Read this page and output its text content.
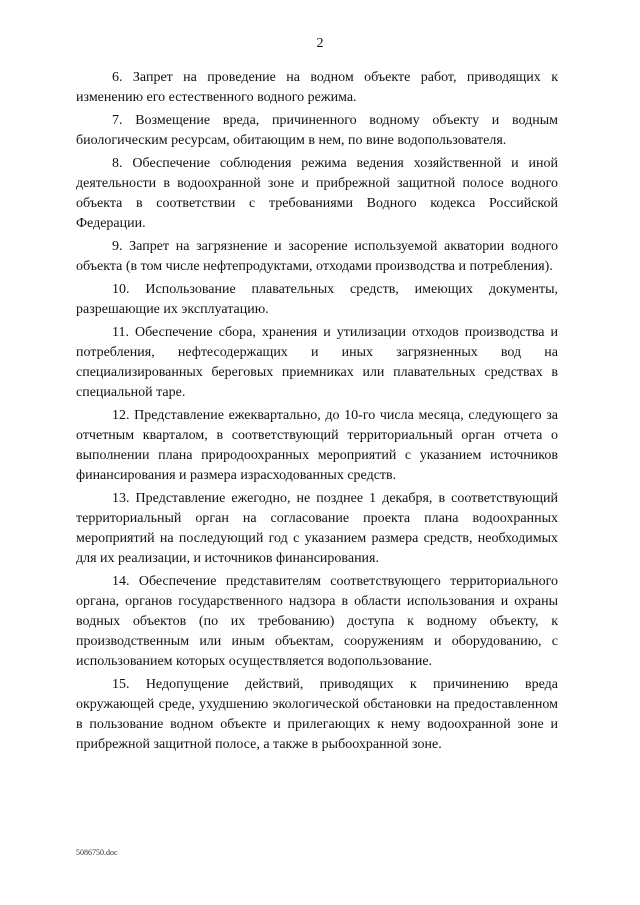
2

6. Запрет на проведение на водном объекте работ, приводящих к изменению его естественного водного режима.

7. Возмещение вреда, причиненного водному объекту и водным биологическим ресурсам, обитающим в нем, по вине водопользователя.

8. Обеспечение соблюдения режима ведения хозяйственной и иной деятельности в водоохранной зоне и прибрежной защитной полосе водного объекта в соответствии с требованиями Водного кодекса Российской Федерации.

9. Запрет на загрязнение и засорение используемой акватории водного объекта (в том числе нефтепродуктами, отходами производства и потребления).

10. Использование плавательных средств, имеющих документы, разрешающие их эксплуатацию.

11. Обеспечение сбора, хранения и утилизации отходов производства и потребления, нефтесодержащих и иных загрязненных вод на специализированных береговых приемниках или плавательных средствах в специальной таре.

12. Представление ежеквартально, до 10-го числа месяца, следующего за отчетным кварталом, в соответствующий территориальный орган отчета о выполнении плана природоохранных мероприятий с указанием источников финансирования и размера израсходованных средств.

13. Представление ежегодно, не позднее 1 декабря, в соответствующий территориальный орган на согласование проекта плана водоохранных мероприятий на последующий год с указанием размера средств, необходимых для их реализации, и источников финансирования.

14. Обеспечение представителям соответствующего территориального органа, органов государственного надзора в области использования и охраны водных объектов (по их требованию) доступа к водному объекту, к производственным или иным объектам, сооружениям и оборудованию, с использованием которых осуществляется водопользование.

15. Недопущение действий, приводящих к причинению вреда окружающей среде, ухудшению экологической обстановки на предоставленном в пользование водном объекте и прилегающих к нему водоохранной зоне и прибрежной защитной полосе, а также в рыбоохранной зоне.

5086750.doc
